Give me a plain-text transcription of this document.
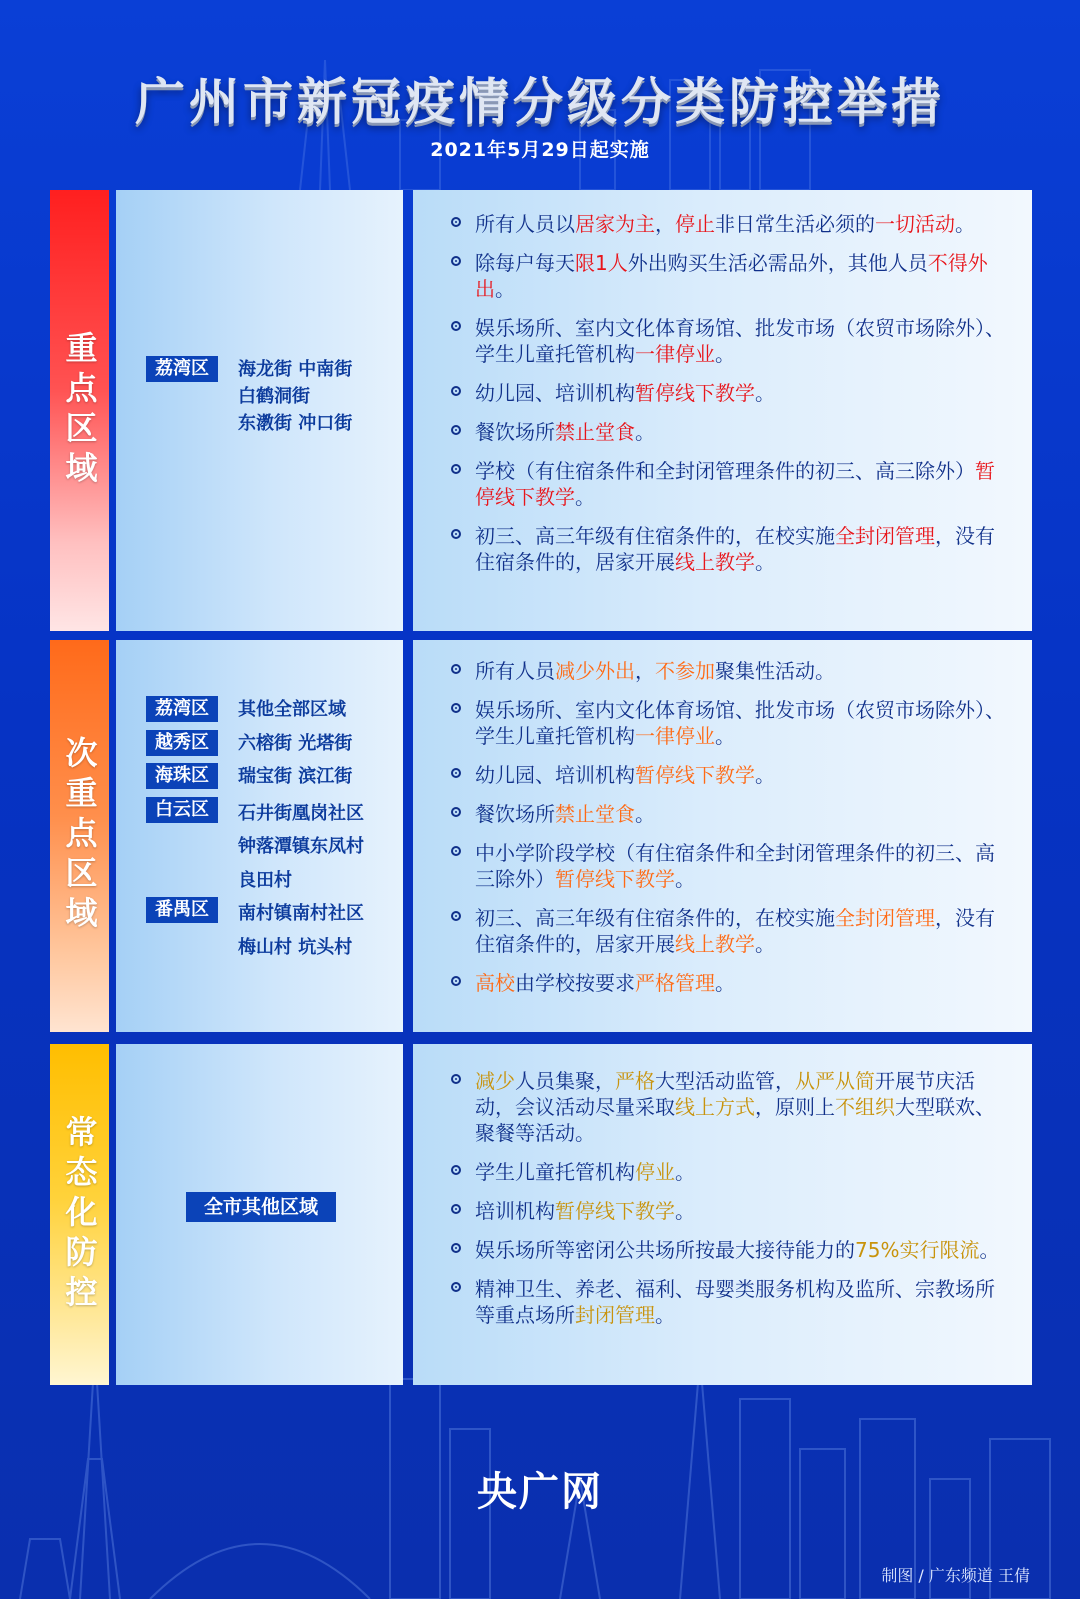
广州市新冠疫情分级分类防控举措
2021年5月29日起实施
重点区域	荔湾区	海龙街 中南街
白鹤洞街
东漖街 冲口街
所有人员以居家为主，停止非日常生活必须的一切活动。
除每户每天限1人外出购买生活必需品外，其他人员不得外出。
娱乐场所、室内文化体育场馆、批发市场（农贸市场除外）、学生儿童托管机构一律停业。
幼儿园、培训机构暂停线下教学。
餐饮场所禁止堂食。
学校（有住宿条件和全封闭管理条件的初三、高三除外）暂停线下教学。
初三、高三年级有住宿条件的，在校实施全封闭管理，没有住宿条件的，居家开展线上教学。
次重点区域
荔湾区	其他全部区域
越秀区	六榕街 光塔街
海珠区	瑞宝街 滨江街
白云区	石井街凰岗社区
钟落潭镇东凤村
良田村
番禺区	南村镇南村社区
梅山村 坑头村
所有人员减少外出，不参加聚集性活动。
娱乐场所、室内文化体育场馆、批发市场（农贸市场除外）、学生儿童托管机构一律停业。
幼儿园、培训机构暂停线下教学。
餐饮场所禁止堂食。
中小学阶段学校（有住宿条件和全封闭管理条件的初三、高三除外）暂停线下教学。
初三、高三年级有住宿条件的，在校实施全封闭管理，没有住宿条件的，居家开展线上教学。
高校由学校按要求严格管理。
常态化防控	全市其他区域
减少人员集聚，严格大型活动监管，从严从简开展节庆活动，会议活动尽量采取线上方式，原则上不组织大型联欢、聚餐等活动。
学生儿童托管机构停业。
培训机构暂停线下教学。
娱乐场所等密闭公共场所按最大接待能力的75%实行限流。
精神卫生、养老、福利、母婴类服务机构及监所、宗教场所等重点场所封闭管理。
央广网
制图 / 广东频道 王倩
